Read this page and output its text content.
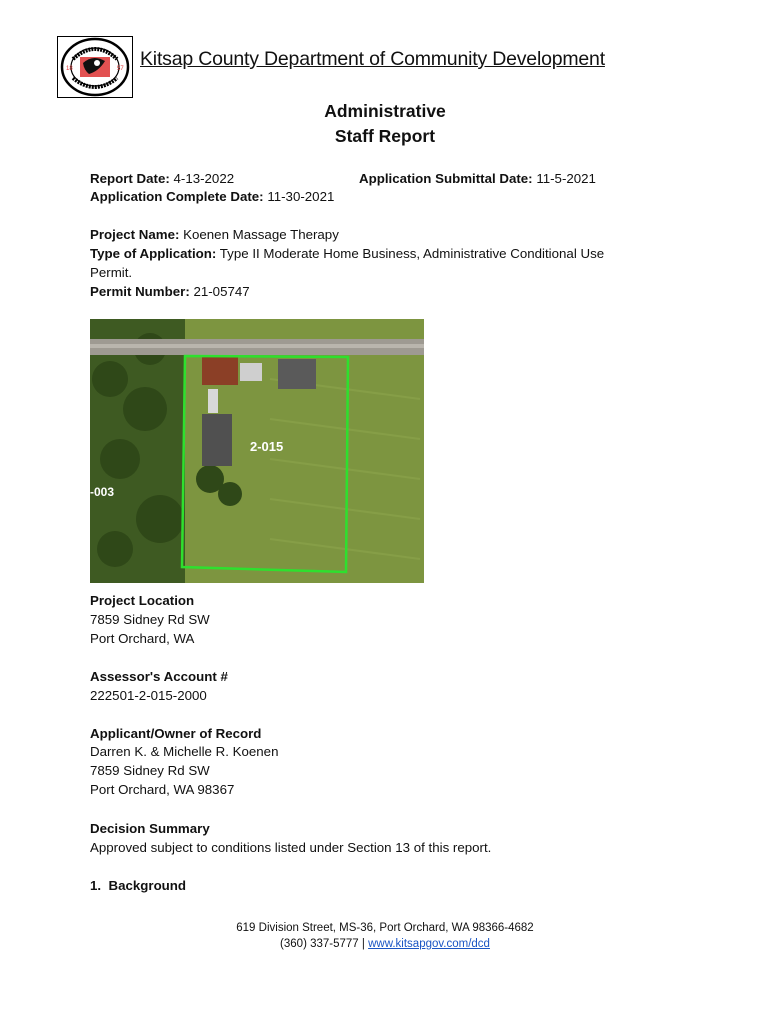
18	57 Kitsap County Department of Community Development
Administrative
Staff Report
Report Date: 4-13-2022	Application Submittal Date: 11-5-2021
Application Complete Date: 11-30-2021
Project Name: Koenen Massage Therapy
Type of Application: Type II Moderate Home Business, Administrative Conditional Use
Permit.
Permit Number: 21-05747
2-015
-003
Project Location
7859 Sidney Rd SW
Port Orchard, WA
Assessor's Account #
222501-2-015-2000
Applicant/Owner of Record
Darren K. & Michelle R. Koenen
7859 Sidney Rd SW
Port Orchard, WA 98367
Decision Summary
Approved subject to conditions listed under Section 13 of this report.
1.  Background
619 Division Street, MS-36, Port Orchard, WA 98366-4682
(360) 337-5777 | www.kitsapgov.com/dcd
